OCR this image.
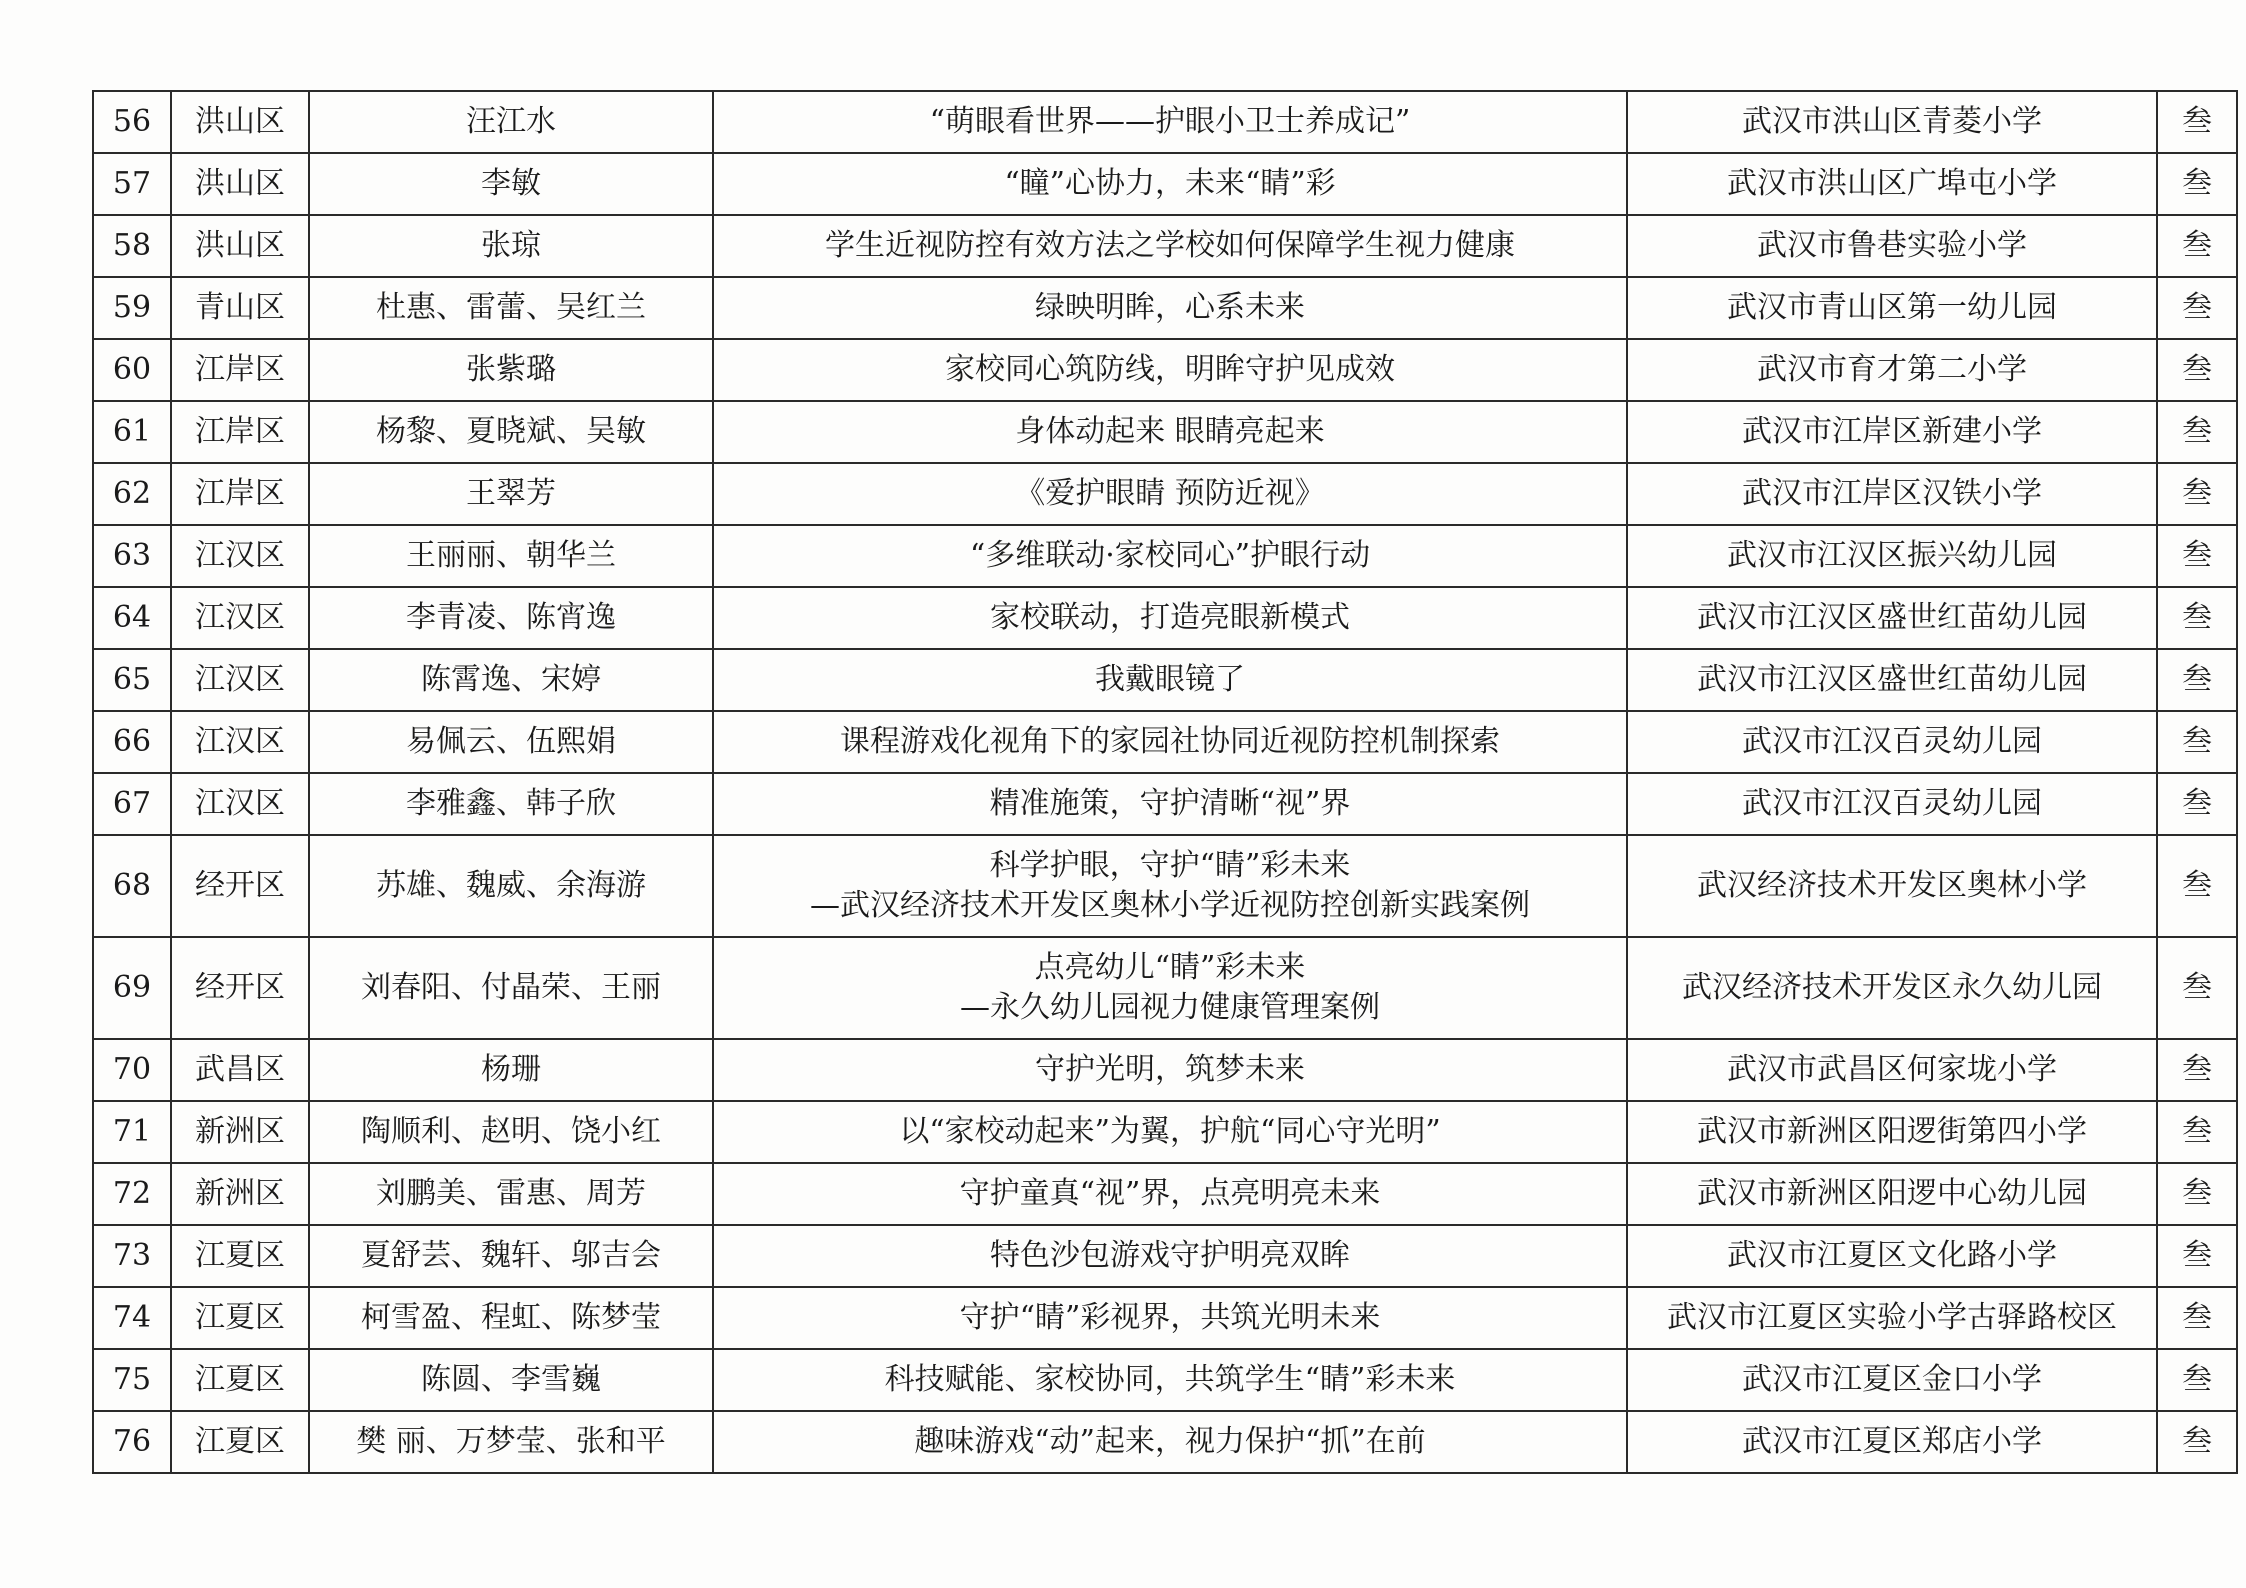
56	洪山区	汪江水	“萌眼看世界——护眼小卫士养成记”	武汉市洪山区青菱小学	叁
57	洪山区	李敏	“瞳”心协力，未来“睛”彩	武汉市洪山区广埠屯小学	叁
58	洪山区	张琼	学生近视防控有效方法之学校如何保障学生视力健康	武汉市鲁巷实验小学	叁
59	青山区	杜惠、雷蕾、吴红兰	绿映明眸，心系未来	武汉市青山区第一幼儿园	叁
60	江岸区	张紫璐	家校同心筑防线，明眸守护见成效	武汉市育才第二小学	叁
61	江岸区	杨黎、夏晓斌、吴敏	身体动起来 眼睛亮起来	武汉市江岸区新建小学	叁
62	江岸区	王翠芳	《爱护眼睛 预防近视》	武汉市江岸区汉铁小学	叁
63	江汉区	王丽丽、朝华兰	“多维联动·家校同心”护眼行动	武汉市江汉区振兴幼儿园	叁
64	江汉区	李青凌、陈宵逸	家校联动，打造亮眼新模式	武汉市江汉区盛世红苗幼儿园	叁
65	江汉区	陈霄逸、宋婷	我戴眼镜了	武汉市江汉区盛世红苗幼儿园	叁
66	江汉区	易佩云、伍熙娟	课程游戏化视角下的家园社协同近视防控机制探索	武汉市江汉百灵幼儿园	叁
67	江汉区	李雅鑫、韩子欣	精准施策，守护清晰“视”界	武汉市江汉百灵幼儿园	叁
68	经开区	苏雄、魏威、余海游	科学护眼，守护“睛”彩未来
—武汉经济技术开发区奥林小学近视防控创新实践案例	武汉经济技术开发区奥林小学	叁
69	经开区	刘春阳、付晶荣、王丽	点亮幼儿“睛”彩未来
—永久幼儿园视力健康管理案例	武汉经济技术开发区永久幼儿园	叁
70	武昌区	杨珊	守护光明，筑梦未来	武汉市武昌区何家垅小学	叁
71	新洲区	陶顺利、赵明、饶小红	以“家校动起来”为翼，护航“同心守光明”	武汉市新洲区阳逻街第四小学	叁
72	新洲区	刘鹏美、雷惠、周芳	守护童真“视”界，点亮明亮未来	武汉市新洲区阳逻中心幼儿园	叁
73	江夏区	夏舒芸、魏轩、邬吉会	特色沙包游戏守护明亮双眸	武汉市江夏区文化路小学	叁
74	江夏区	柯雪盈、程虹、陈梦莹	守护“睛”彩视界，共筑光明未来	武汉市江夏区实验小学古驿路校区	叁
75	江夏区	陈圆、李雪巍	科技赋能、家校协同，共筑学生“睛”彩未来	武汉市江夏区金口小学	叁
76	江夏区	樊 丽、万梦莹、张和平	趣味游戏“动”起来，视力保护“抓”在前	武汉市江夏区郑店小学	叁
